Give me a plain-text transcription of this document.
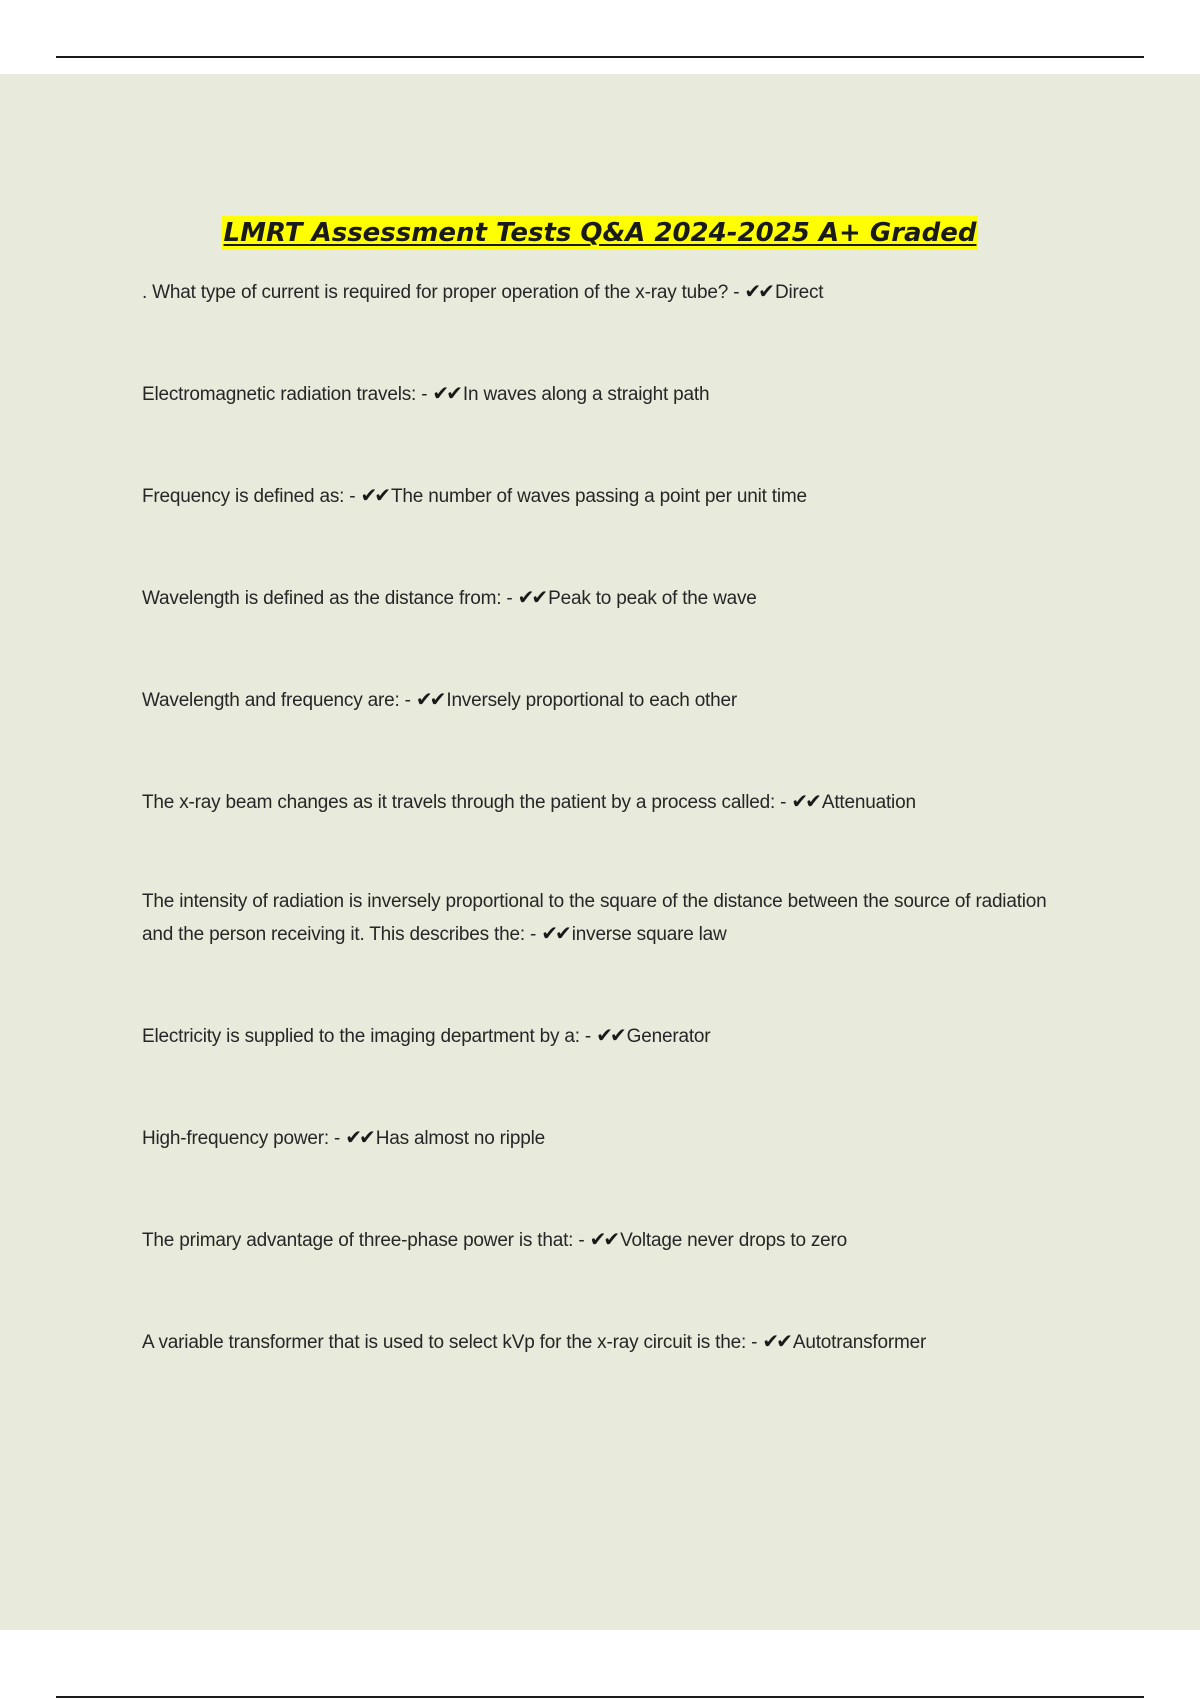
LMRT Assessment Tests Q&A 2024-2025 A+ Graded
. What type of current is required for proper operation of the x-ray tube? - ✔✔ Direct
Electromagnetic radiation travels: - ✔✔ In waves along a straight path
Frequency is defined as: - ✔✔ The number of waves passing a point per unit time
Wavelength is defined as the distance from: - ✔✔ Peak to peak of the wave
Wavelength and frequency are: - ✔✔ Inversely proportional to each other
The x-ray beam changes as it travels through the patient by a process called: - ✔✔ Attenuation
The intensity of radiation is inversely proportional to the square of the distance between the source of radiation and the person receiving it. This describes the: - ✔✔ inverse square law
Electricity is supplied to the imaging department by a: - ✔✔ Generator
High-frequency power: - ✔✔ Has almost no ripple
The primary advantage of three-phase power is that: - ✔✔ Voltage never drops to zero
A variable transformer that is used to select kVp for the x-ray circuit is the: - ✔✔ Autotransformer
